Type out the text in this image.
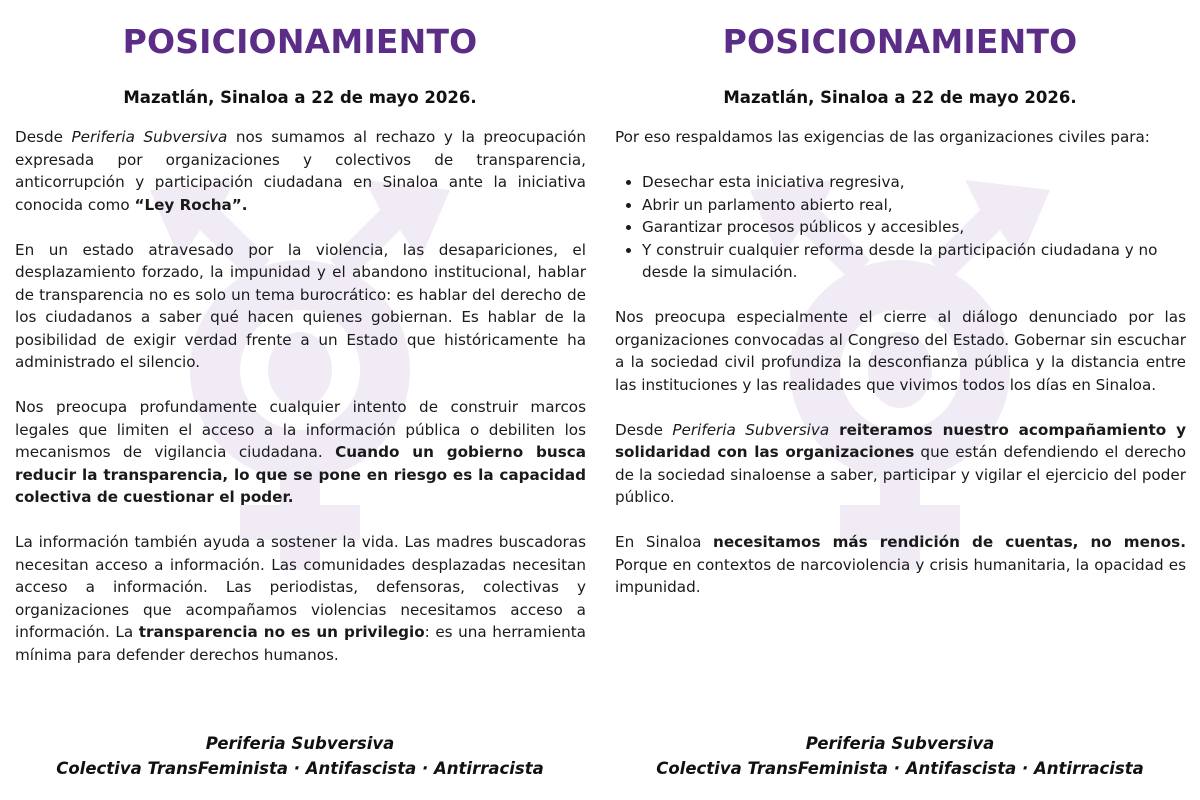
POSICIONAMIENTO
Mazatlán, Sinaloa a 22 de mayo 2026.

Desde Periferia Subversiva nos sumamos al rechazo y la preocupación expresada por organizaciones y colectivos de transparencia, anticorrupción y participación ciudadana en Sinaloa ante la iniciativa conocida como “Ley Rocha”.

En un estado atravesado por la violencia, las desapariciones, el desplazamiento forzado, la impunidad y el abandono institucional, hablar de transparencia no es solo un tema burocrático: es hablar del derecho de los ciudadanos a saber qué hacen quienes gobiernan. Es hablar de la posibilidad de exigir verdad frente a un Estado que históricamente ha administrado el silencio.

Nos preocupa profundamente cualquier intento de construir marcos legales que limiten el acceso a la información pública o debiliten los mecanismos de vigilancia ciudadana. Cuando un gobierno busca reducir la transparencia, lo que se pone en riesgo es la capacidad colectiva de cuestionar el poder.

La información también ayuda a sostener la vida. Las madres buscadoras necesitan acceso a información. Las comunidades desplazadas necesitan acceso a información. Las periodistas, defensoras, colectivas y organizaciones que acompañamos violencias necesitamos acceso a información. La transparencia no es un privilegio: es una herramienta mínima para defender derechos humanos.

Periferia Subversiva
Colectiva TransFeminista · Antifascista · Antirracista
POSICIONAMIENTO
Mazatlán, Sinaloa a 22 de mayo 2026.

Por eso respaldamos las exigencias de las organizaciones civiles para:

• Desechar esta iniciativa regresiva,
• Abrir un parlamento abierto real,
• Garantizar procesos públicos y accesibles,
• Y construir cualquier reforma desde la participación ciudadana y no desde la simulación.

Nos preocupa especialmente el cierre al diálogo denunciado por las organizaciones convocadas al Congreso del Estado. Gobernar sin escuchar a la sociedad civil profundiza la desconfianza pública y la distancia entre las instituciones y las realidades que vivimos todos los días en Sinaloa.

Desde Periferia Subversiva reiteramos nuestro acompañamiento y solidaridad con las organizaciones que están defendiendo el derecho de la sociedad sinaloense a saber, participar y vigilar el ejercicio del poder público.

En Sinaloa necesitamos más rendición de cuentas, no menos. Porque en contextos de narcoviolencia y crisis humanitaria, la opacidad es impunidad.

Periferia Subversiva
Colectiva TransFeminista · Antifascista · Antirracista
